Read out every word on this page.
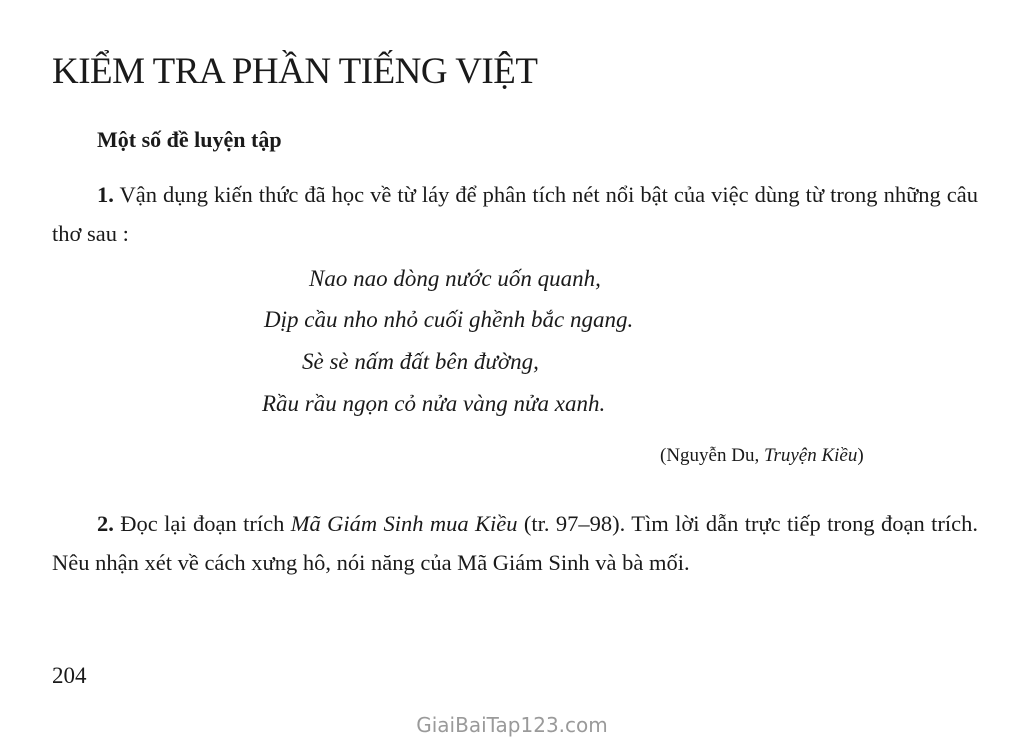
KIỂM TRA PHẦN TIẾNG VIỆT
Một số đề luyện tập

1. Vận dụng kiến thức đã học về từ láy để phân tích nét nổi bật của việc dùng từ trong những câu thơ sau :

Nao nao dòng nước uốn quanh,

Dịp cầu nho nhỏ cuối ghềnh bắc ngang.

Sè sè nấm đất bên đường,

Rầu rầu ngọn cỏ nửa vàng nửa xanh.

(Nguyễn Du, Truyện Kiều)

2. Đọc lại đoạn trích Mã Giám Sinh mua Kiều (tr. 97–98). Tìm lời dẫn trực tiếp trong đoạn trích. Nêu nhận xét về cách xưng hô, nói năng của Mã Giám Sinh và bà mối.

204

GiaiBaiTap123.com
